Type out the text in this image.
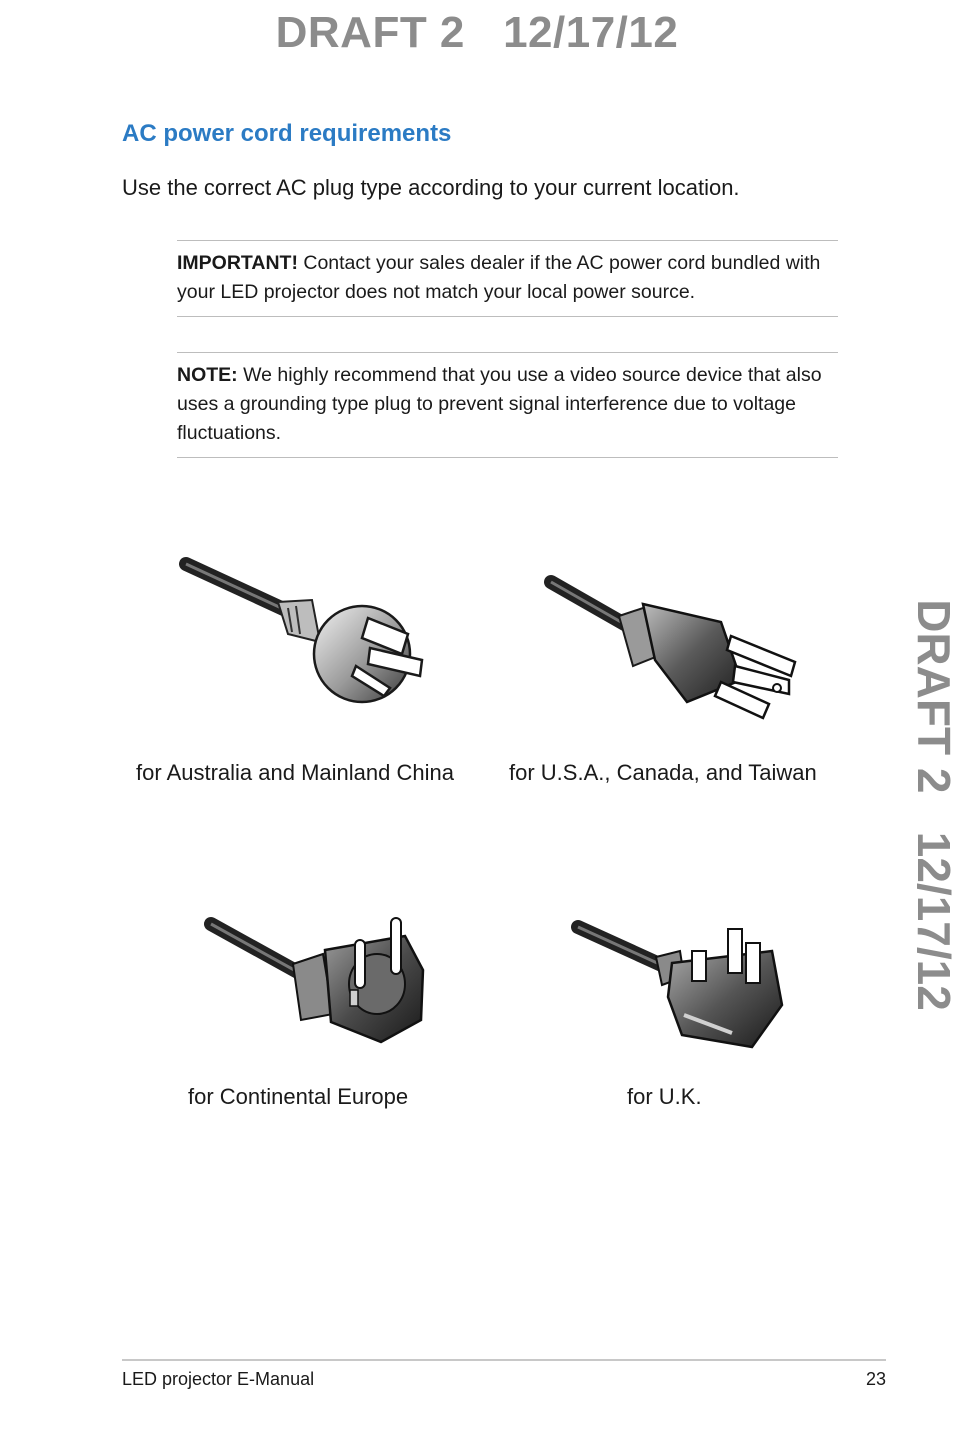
DRAFT 2   12/17/12
DRAFT 2   12/17/12
AC power cord requirements
Use the correct AC plug type according to your current location.
IMPORTANT! Contact your sales dealer if the AC power cord bundled with your LED projector does not match your local power source.
NOTE: We highly recommend that you use a video source device that also uses a grounding type plug to prevent signal interference due to voltage fluctuations.
for Australia and Mainland China	for U.S.A., Canada, and Taiwan
for Continental Europe	for U.K.
LED projector E-Manual	23
